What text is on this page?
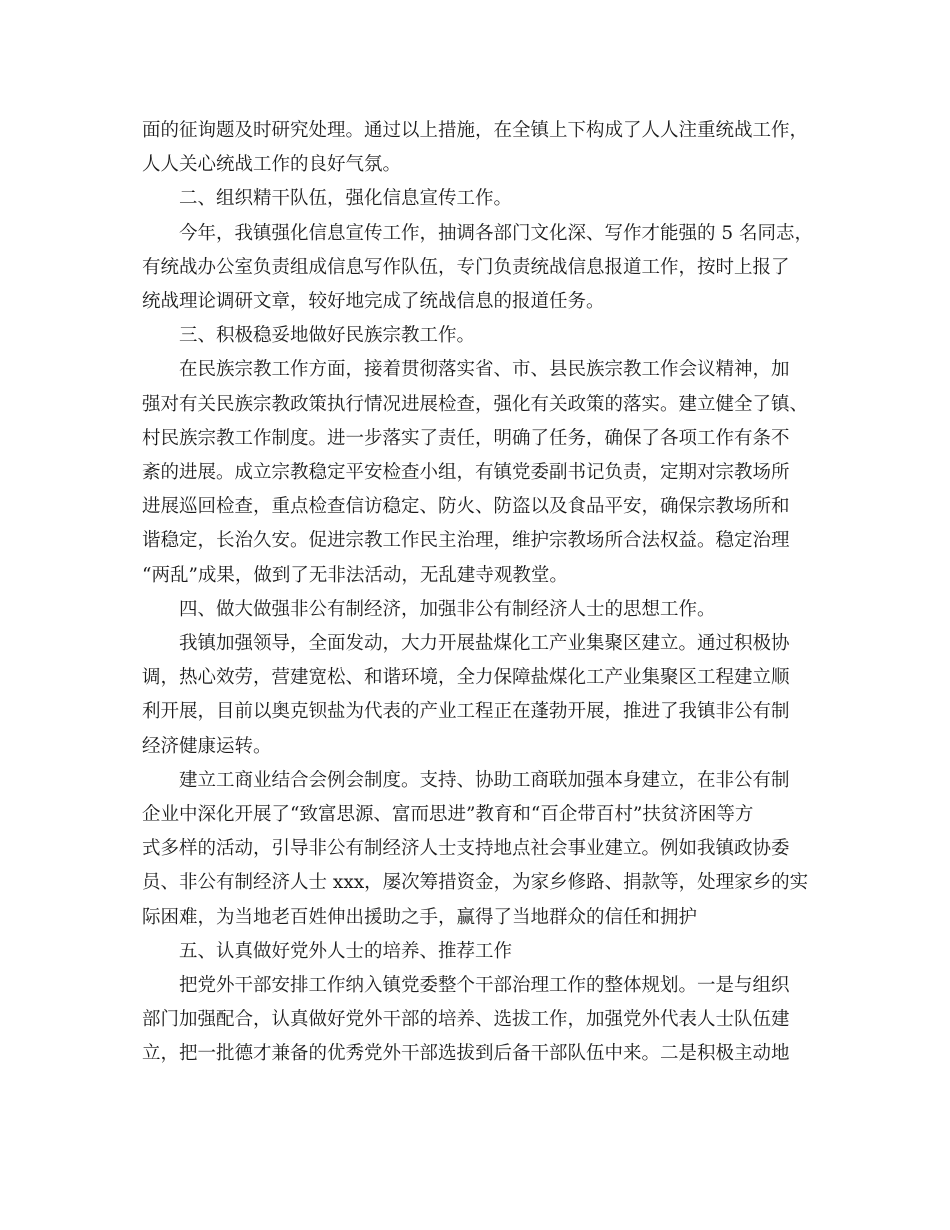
面的征询题及时研究处理。通过以上措施，在全镇上下构成了人人注重统战工作，
人人关心统战工作的良好气氛。
二、组织精干队伍，强化信息宣传工作。
今年，我镇强化信息宣传工作，抽调各部门文化深、写作才能强的 5 名同志，
有统战办公室负责组成信息写作队伍，专门负责统战信息报道工作，按时上报了
统战理论调研文章，较好地完成了统战信息的报道任务。
三、积极稳妥地做好民族宗教工作。
在民族宗教工作方面，接着贯彻落实省、市、县民族宗教工作会议精神，加
强对有关民族宗教政策执行情况进展检查，强化有关政策的落实。建立健全了镇、
村民族宗教工作制度。进一步落实了责任，明确了任务，确保了各项工作有条不
紊的进展。成立宗教稳定平安检查小组，有镇党委副书记负责，定期对宗教场所
进展巡回检查，重点检查信访稳定、防火、防盗以及食品平安，确保宗教场所和
谐稳定，长治久安。促进宗教工作民主治理，维护宗教场所合法权益。稳定治理
“两乱”成果，做到了无非法活动，无乱建寺观教堂。
四、做大做强非公有制经济，加强非公有制经济人士的思想工作。
我镇加强领导，全面发动，大力开展盐煤化工产业集聚区建立。通过积极协
调，热心效劳，营建宽松、和谐环境，全力保障盐煤化工产业集聚区工程建立顺
利开展，目前以奥克钡盐为代表的产业工程正在蓬勃开展，推进了我镇非公有制
经济健康运转。
建立工商业结合会例会制度。支持、协助工商联加强本身建立，在非公有制
企业中深化开展了“致富思源、富而思进”教育和“百企带百村”扶贫济困等方
式多样的活动，引导非公有制经济人士支持地点社会事业建立。例如我镇政协委
员、非公有制经济人士 xxx，屡次筹措资金，为家乡修路、捐款等，处理家乡的实
际困难，为当地老百姓伸出援助之手，赢得了当地群众的信任和拥护
五、认真做好党外人士的培养、推荐工作
把党外干部安排工作纳入镇党委整个干部治理工作的整体规划。一是与组织
部门加强配合，认真做好党外干部的培养、选拔工作，加强党外代表人士队伍建
立，把一批德才兼备的优秀党外干部选拔到后备干部队伍中来。二是积极主动地
